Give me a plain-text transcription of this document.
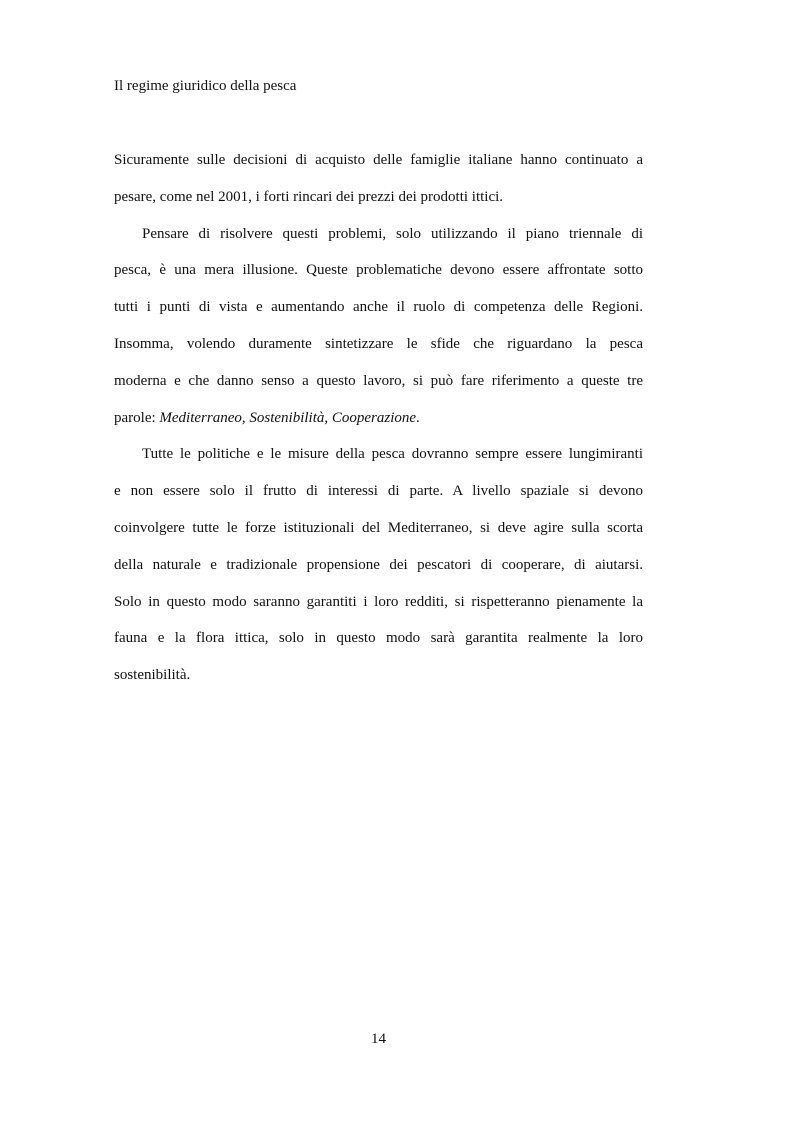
Il regime giuridico della pesca
Sicuramente sulle decisioni di acquisto delle famiglie italiane hanno continuato a
pesare, come nel 2001, i forti rincari dei prezzi dei prodotti ittici.
Pensare di risolvere questi problemi, solo utilizzando il piano triennale di
pesca, è una mera illusione. Queste problematiche devono essere affrontate sotto
tutti i punti di vista e aumentando anche il ruolo di competenza delle Regioni.
Insomma, volendo duramente sintetizzare le sfide che riguardano la pesca
moderna e che danno senso a questo lavoro, si può fare riferimento a queste tre
parole: Mediterraneo, Sostenibilità, Cooperazione.
Tutte le politiche e le misure della pesca dovranno sempre essere lungimiranti
e non essere solo il frutto di interessi di parte. A livello spaziale si devono
coinvolgere tutte le forze istituzionali del Mediterraneo, si deve agire sulla scorta
della naturale e tradizionale propensione dei pescatori di cooperare, di aiutarsi.
Solo in questo modo saranno garantiti i loro redditi, si rispetteranno pienamente la
fauna e la flora ittica, solo in questo modo sarà garantita realmente la loro
sostenibilità.
14
